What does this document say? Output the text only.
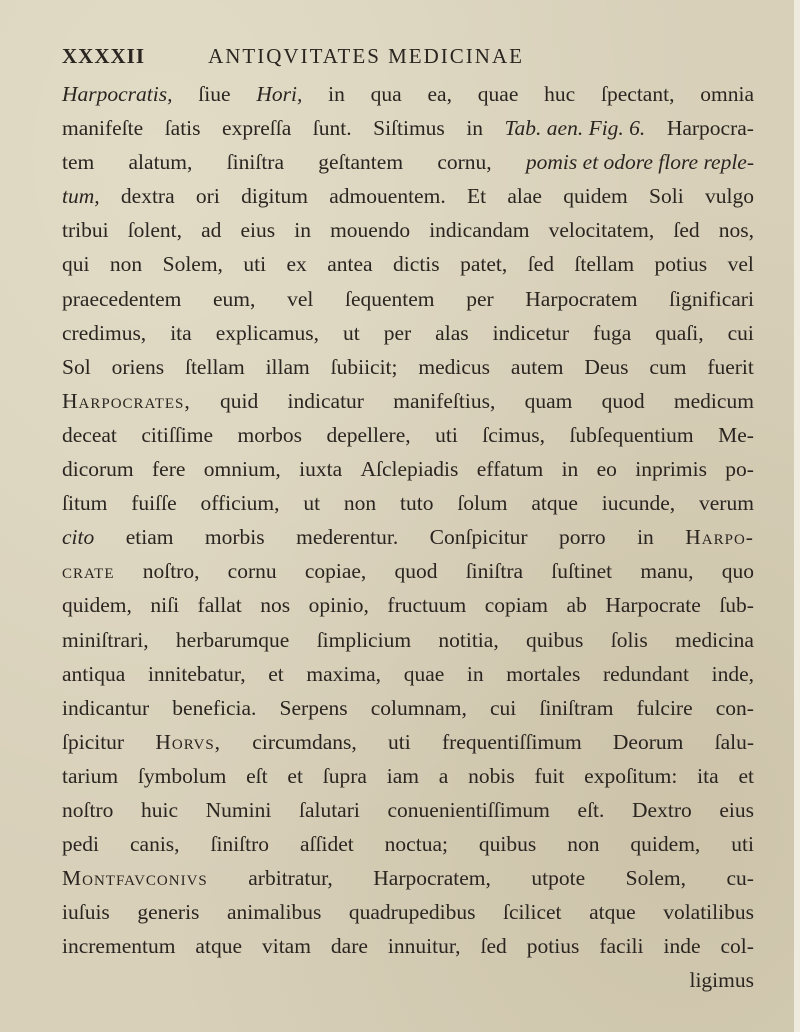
XXXXII	ANTIQVITATES MEDICINAE
Harpocratis, ſiue Hori, in qua ea, quae huc ſpectant, omnia
manifeſte ſatis expreſſa ſunt. Siſtimus in Tab. aen. Fig. 6. Harpocra-
tem alatum, ſiniſtra geſtantem cornu, pomis et odore flore reple-
tum, dextra ori digitum admouentem. Et alae quidem Soli vulgo
tribui ſolent, ad eius in mouendo indicandam velocitatem, ſed nos,
qui non Solem, uti ex antea dictis patet, ſed ſtellam potius vel
praecedentem eum, vel ſequentem per Harpocratem ſignificari
credimus, ita explicamus, ut per alas indicetur fuga quaſi, cui
Sol oriens ſtellam illam ſubiicit; medicus autem Deus cum fuerit
Harpocrates, quid indicatur manifeſtius, quam quod medicum
deceat citiſſime morbos depellere, uti ſcimus, ſubſequentium Me-
dicorum fere omnium, iuxta Aſclepiadis effatum in eo inprimis po-
ſitum fuiſſe officium, ut non tuto ſolum atque iucunde, verum
cito etiam morbis mederentur. Conſpicitur porro in Harpo-
crate noſtro, cornu copiae, quod ſiniſtra ſuſtinet manu, quo
quidem, niſi fallat nos opinio, fructuum copiam ab Harpocrate ſub-
miniſtrari, herbarumque ſimplicium notitia, quibus ſolis medicina
antiqua innitebatur, et maxima, quae in mortales redundant inde,
indicantur beneficia. Serpens columnam, cui ſiniſtram fulcire con-
ſpicitur Horvs, circumdans, uti frequentiſſimum Deorum ſalu-
tarium ſymbolum eſt et ſupra iam a nobis fuit expoſitum: ita et
noſtro huic Numini ſalutari conuenientiſſimum eſt. Dextro eius
pedi canis, ſiniſtro aſſidet noctua; quibus non quidem, uti
Montfavconivs arbitratur, Harpocratem, utpote Solem, cu-
iuſuis generis animalibus quadrupedibus ſcilicet atque volatilibus
incrementum atque vitam dare innuitur, ſed potius facili inde col-
ligimus
